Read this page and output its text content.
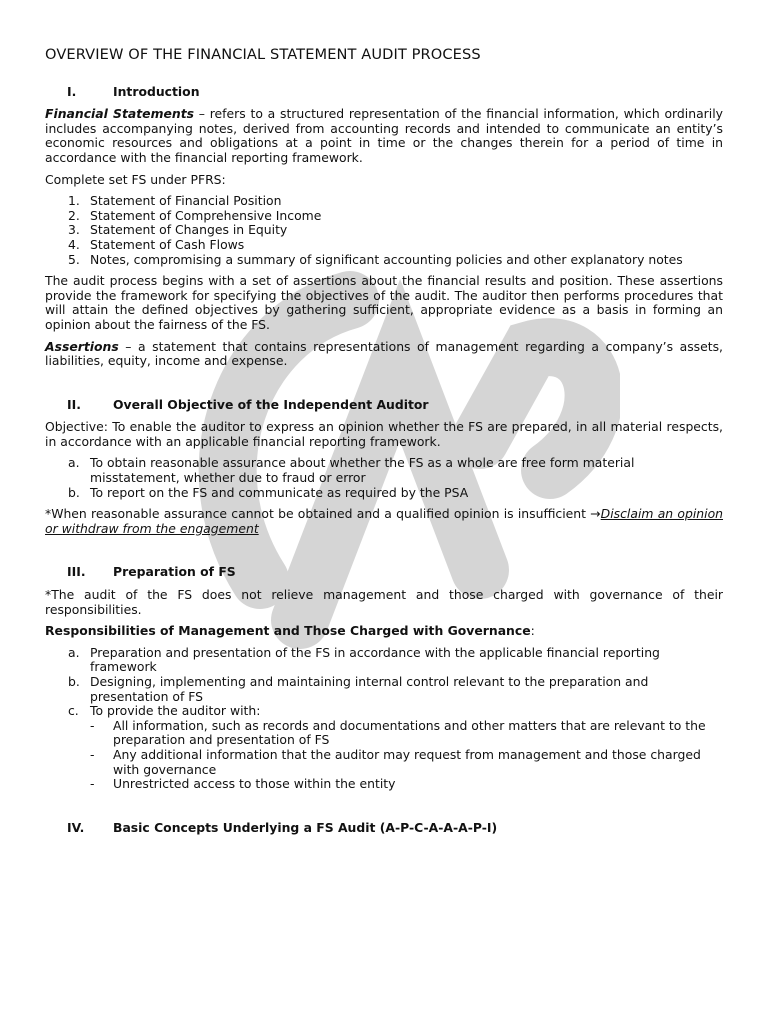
OVERVIEW OF THE FINANCIAL STATEMENT AUDIT PROCESS
I.	Introduction

Financial Statements – refers to a structured representation of the financial information, which ordinarily includes accompanying notes, derived from accounting records and intended to communicate an entity’s economic resources and obligations at a point in time or the changes therein for a period of time in accordance with the financial reporting framework.

Complete set FS under PFRS:

1. Statement of Financial Position
2. Statement of Comprehensive Income
3. Statement of Changes in Equity
4. Statement of Cash Flows
5. Notes, compromising a summary of significant accounting policies and other explanatory notes

The audit process begins with a set of assertions about the financial results and position. These assertions provide the framework for specifying the objectives of the audit. The auditor then performs procedures that will attain the defined objectives by gathering sufficient, appropriate evidence as a basis in forming an opinion about the fairness of the FS.

Assertions – a statement that contains representations of management regarding a company’s assets, liabilities, equity, income and expense.

II.	Overall Objective of the Independent Auditor

Objective: To enable the auditor to express an opinion whether the FS are prepared, in all material respects, in accordance with an applicable financial reporting framework.

a. To obtain reasonable assurance about whether the FS as a whole are free form material misstatement, whether due to fraud or error
b. To report on the FS and communicate as required by the PSA

*When reasonable assurance cannot be obtained and a qualified opinion is insufficient →Disclaim an opinion or withdraw from the engagement

III.	Preparation of FS

*The audit of the FS does not relieve management and those charged with governance of their responsibilities.

Responsibilities of Management and Those Charged with Governance:

a. Preparation and presentation of the FS in accordance with the applicable financial reporting framework
b. Designing, implementing and maintaining internal control relevant to the preparation and presentation of FS
c. To provide the auditor with:
-	All information, such as records and documentations and other matters that are relevant to the preparation and presentation of FS
-	Any additional information that the auditor may request from management and those charged with governance
-	Unrestricted access to those within the entity
IV.	Basic Concepts Underlying a FS Audit (A-P-C-A-A-A-P-I)
